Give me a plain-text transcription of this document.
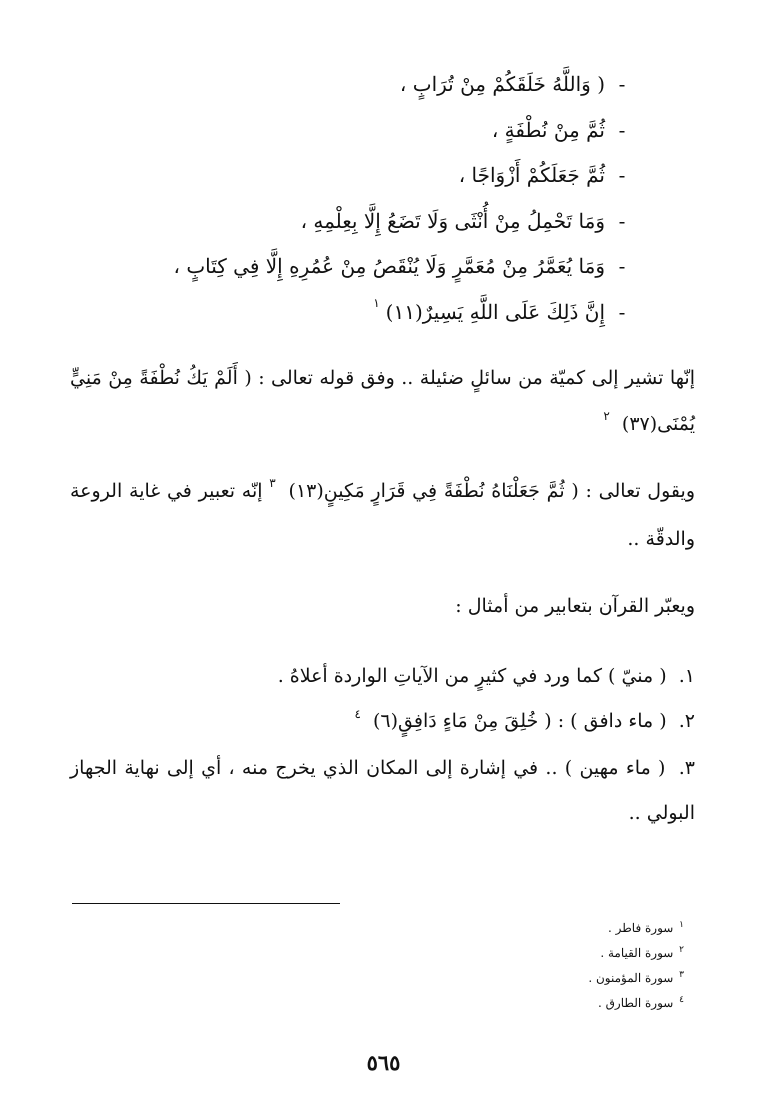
-
( وَاللَّهُ خَلَقَكُمْ مِنْ تُرَابٍ ،
-
ثُمَّ مِنْ نُطْفَةٍ ،
-
ثُمَّ جَعَلَكُمْ أَزْوَاجًا ،
-
وَمَا تَحْمِلُ مِنْ أُنْثَى وَلَا تَضَعُ إِلَّا بِعِلْمِهِ ،
-
وَمَا يُعَمَّرُ مِنْ مُعَمَّرٍ وَلَا يُنْقَصُ مِنْ عُمُرِهِ إِلَّا فِي كِتَابٍ ،
-
إِنَّ ذَلِكَ عَلَى اللَّهِ يَسِيرٌ(١١)
١

إنّها تشير إلى كميّة من سائلٍ ضئيلة .. وفق قوله تعالى : ( أَلَمْ يَكُ نُطْفَةً مِنْ مَنِيٍّ يُمْنَى(٣٧) $^٢$

ويقول تعالى : ( ثُمَّ جَعَلْنَاهُ نُطْفَةً فِي قَرَارٍ مَكِينٍ(١٣) $^٣$ إنّه تعبير في غاية الروعة والدقّة ..

ويعبّر القرآن بتعابير من أمثال :

١. ( منيّ ) كما ورد في كثيرٍ من الآياتِ الواردة أعلاهُ .
٢. ( ماء دافق ) : ( خُلِقَ مِنْ مَاءٍ دَافِقٍ(٦) $^٤$
٣. ( ماء مهين ) .. في إشارة إلى المكان الذي يخرج منه ، أي إلى نهاية الجهاز البولي ..
$^١$ سورة فاطر .
$^٢$ سورة القيامة .
$^٣$ سورة المؤمنون .
$^٤$ سورة الطارق .
٥٦٥
